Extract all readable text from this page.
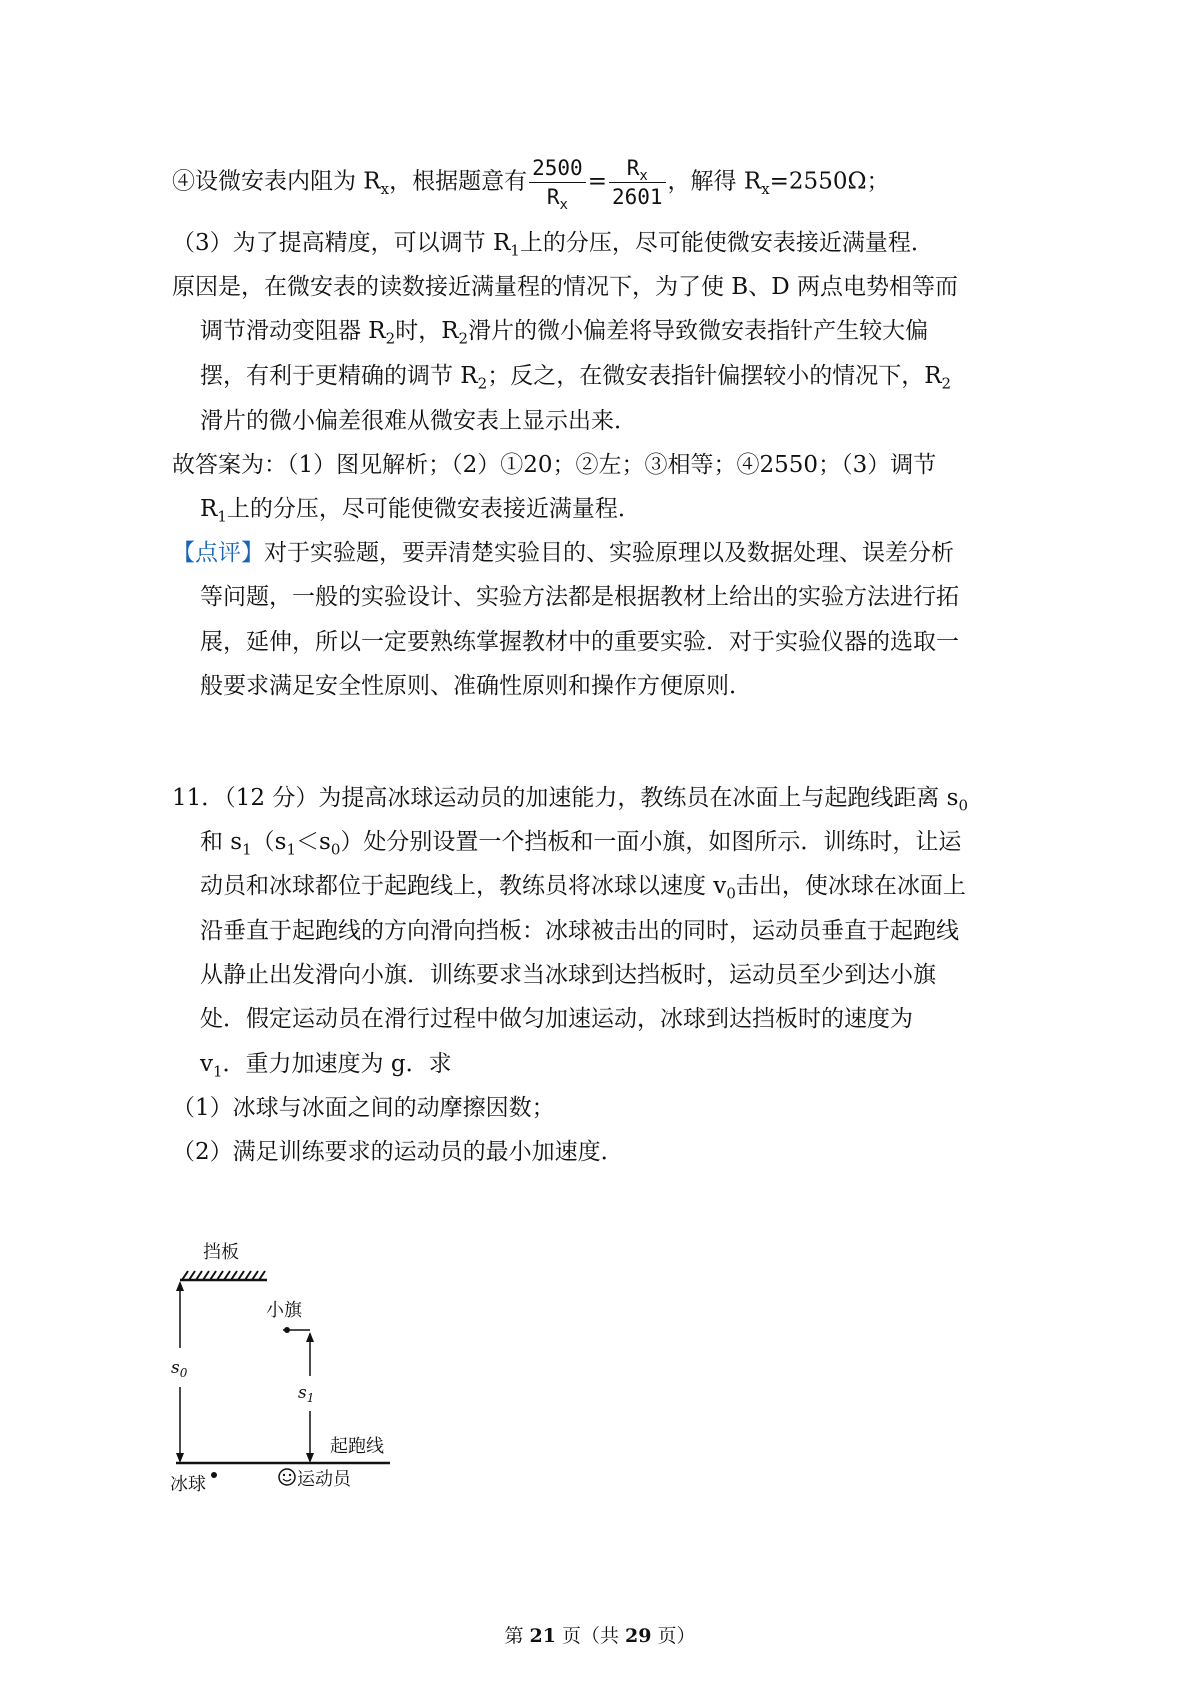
④设微安表内阻为 $R_x$，根据题意有 $\frac{2500}{R_x} = \frac{R_x}{2601}$ ，解得 $R_x=2550\Omega$；
（3）为了提高精度，可以调节 $R_1$上的分压，尽可能使微安表接近满量程．
原因是，在微安表的读数接近满量程的情况下，为了使 B、D 两点电势相等而
调节滑动变阻器 $R_2$时，$R_2$滑片的微小偏差将导致微安表指针产生较大偏
摆，有利于更精确的调节 $R_2$；反之，在微安表指针偏摆较小的情况下，$R_2$
滑片的微小偏差很难从微安表上显示出来．
故答案为：（1）图见解析；（2）①20；②左；③相等；④2550；（3）调节
$R_1$上的分压，尽可能使微安表接近满量程．
【点评】对于实验题，要弄清楚实验目的、实验原理以及数据处理、误差分析
等问题，一般的实验设计、实验方法都是根据教材上给出的实验方法进行拓
展，延伸，所以一定要熟练掌握教材中的重要实验．对于实验仪器的选取一
般要求满足安全性原则、准确性原则和操作方便原则．
11．（12 分）为提高冰球运动员的加速能力，教练员在冰面上与起跑线距离 $s_0$
和 $s_1(s_1<s_0)$处分别设置一个挡板和一面小旗，如图所示．训练时，让运
动员和冰球都位于起跑线上，教练员将冰球以速度 $v_0$击出，使冰球在冰面上
沿垂直于起跑线的方向滑向挡板：冰球被击出的同时，运动员垂直于起跑线
从静止出发滑向小旗．训练要求当冰球到达挡板时，运动员至少到达小旗
处．假定运动员在滑行过程中做匀加速运动，冰球到达挡板时的速度为
$v_1$．重力加速度为 g．求
（1）冰球与冰面之间的动摩擦因数；
（2）满足训练要求的运动员的最小加速度．
挡板
$s_0$
小旗
$s_1$
起跑线
冰球	运动员
第 21 页（共 29 页）
